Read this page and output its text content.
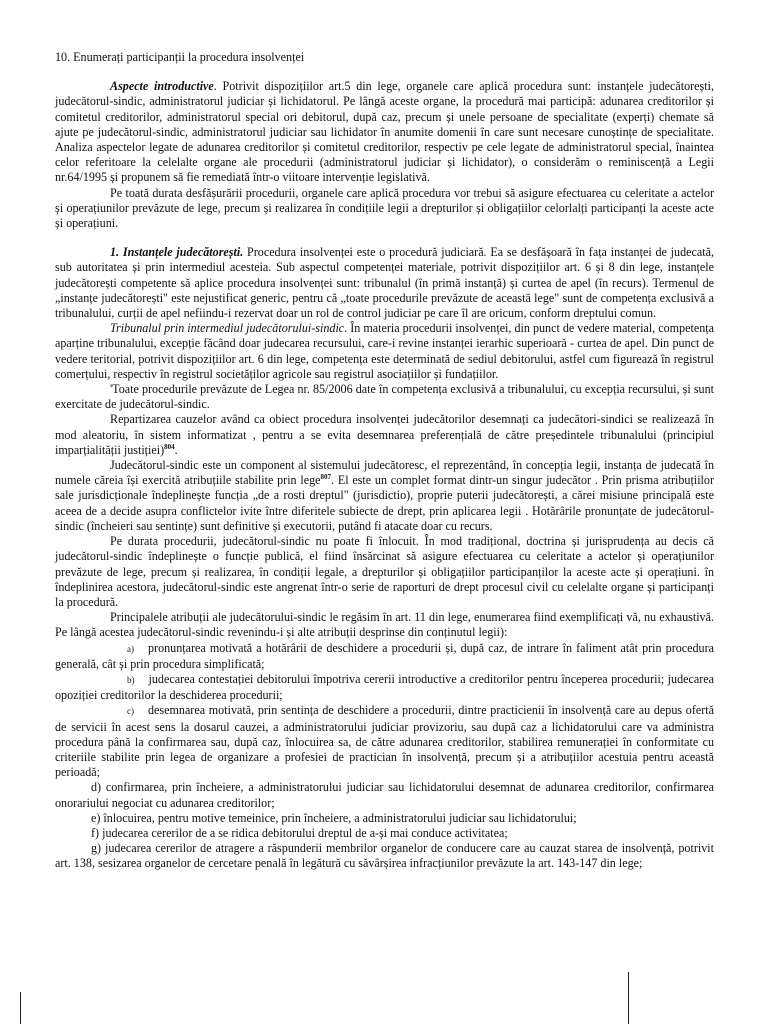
10. Enumerați participanții la procedura insolvenței

Aspecte introductive. Potrivit dispozițiilor art.5 din lege, organele care aplică procedura sunt: instanțele judecătorești, judecătorul-sindic, administratorul judiciar și lichidatorul. Pe lângă aceste organe, la procedură mai participă: adunarea creditorilor și comitetul creditorilor, administratorul special ori debitorul, după caz, precum și unele persoane de specialitate (experți) chemate să ajute pe judecătorul-sindic, administratorul judiciar sau lichidator în anumite domenii în care sunt necesare cunoștințe de specialitate. Analiza aspectelor legate de adunarea creditorilor și comitetul creditorilor, respectiv pe cele legate de administratorul special, înaintea celor referitoare la celelalte organe ale procedurii (administratorul judiciar și lichidator), o considerăm o reminiscență a Legii nr.64/1995 și propunem să fie remediată într-o viitoare intervenție legislativă.

Pe toată durata desfășurării procedurii, organele care aplică procedura vor trebui să asigure efectuarea cu celeritate a actelor și operațiunilor prevăzute de lege, precum și realizarea în condițiile legii a drepturilor și obligațiilor celorlalți participanți la aceste acte și operațiuni.

1. Instanțele judecătorești. Procedura insolvenței este o procedură judiciară. Ea se desfășoară în fața instanței de judecată, sub autoritatea și prin intermediul acesteia. Sub aspectul competenței materiale, potrivit dispozițiilor art. 6 și 8 din lege, instanțele judecătorești competente să aplice procedura insolvenței sunt: tribunalul (în primă instanță) și curtea de apel (în recurs). Termenul de „instanțe judecătorești" este nejustificat generic, pentru că „toate procedurile prevăzute de această lege" sunt de competența exclusivă a tribunalului, curții de apel nefiindu-i rezervat doar un rol de control judiciar pe care îl are oricum, conform dreptului comun.

Tribunalul prin intermediul judecătorului-sindic. În materia procedurii insolvenței, din punct de vedere material, competența aparține tribunalului, excepție făcând doar judecarea recursului, care-i revine instanței ierarhic superioară - curtea de apel. Din punct de vedere teritorial, potrivit dispozițiilor art. 6 din lege, competența este determinată de sediul debitorului, astfel cum figurează în registrul comerțului, respectiv în registrul societăților agricole sau registrul asociațiilor și fundațiilor.

'Toate procedurile prevăzute de Legea nr. 85/2006 date în competența exclusivă a tribunalului, cu excepția recursului, și sunt exercitate de judecătorul-sindic.

Repartizarea cauzelor având ca obiect procedura insolvenței judecătorilor desemnați ca judecători-sindici se realizează în mod aleatoriu, în sistem informatizat , pentru a se evita desemnarea preferențială de către președintele tribunalului (principiul imparțialității justiției)$^{804}$.

Judecătorul-sindic este un component al sistemului judecătoresc, el reprezentând, în concepția legii, instanța de judecată în numele căreia își exercită atribuțiile stabilite prin lege$^{807}$. El este un complet format dintr-un singur judecător . Prin prisma atribuțiilor sale jurisdicționale îndeplinește funcția „de a rosti dreptul" (jurisdictio), proprie puterii judecătorești, a cărei misiune principală este aceea de a decide asupra conflictelor ivite între diferitele subiecte de drept, prin aplicarea legii . Hotărârile pronunțate de judecătorul-sindic (încheieri sau sentințe) sunt definitive și executorii, putând fi atacate doar cu recurs.

Pe durata procedurii, judecătorul-sindic nu poate fi înlocuit. În mod tradițional, doctrina și jurisprudența au decis că judecătorul-sindic îndeplinește o funcție publică, el fiind însărcinat să asigure efectuarea cu celeritate a actelor și operațiunilor prevăzute de lege, precum și realizarea, în condiții legale, a drepturilor și obligațiilor participanților la aceste acte și operațiuni. în îndeplinirea acestora, judecătorul-sindic este angrenat într-o serie de raporturi de drept procesul civil cu celelalte organe și participanți la procedură.

Principalele atribuții ale judecătorului-sindic le regăsim în art. 11 din lege, enumerarea fiind exemplificați vă, nu exhaustivă. Pe lângă acestea judecătorul-sindic revenindu-i și alte atribuții desprinse din conținutul legii):

a) pronunțarea motivată a hotărârii de deschidere a procedurii și, după caz, de intrare în faliment atât prin procedura generală, cât și prin procedura simplificată;

b) judecarea contestației debitorului împotriva cererii introductive a creditorilor pentru începerea procedurii; judecarea opoziției creditorilor la deschiderea procedurii;

c) desemnarea motivată, prin sentința de deschidere a procedurii, dintre practicienii în insolvență care au depus ofertă de servicii în acest sens la dosarul cauzei, a administratorului judiciar provizoriu, sau după caz a lichidatorului care va administra procedura până la confirmarea sau, după caz, înlocuirea sa, de către adunarea creditorilor, stabilirea remunerației în conformitate cu criteriile stabilite prin legea de organizare a profesiei de practician în insolvență, precum și a atribuțiilor acestuia pentru această perioadă;

d) confirmarea, prin încheiere, a administratorului judiciar sau lichidatorului desemnat de adunarea creditorilor, confirmarea onorariului negociat cu adunarea creditorilor;

e) înlocuirea, pentru motive temeinice, prin încheiere, a administratorului judiciar sau lichidatorului;

f) judecarea cererilor de a se ridica debitorului dreptul de a-și mai conduce activitatea;

g) judecarea cererilor de atragere a răspunderii membrilor organelor de conducere care au cauzat starea de insolvență, potrivit art. 138, sesizarea organelor de cercetare penală în legătură cu săvârșirea infracțiunilor prevăzute la art. 143-147 din lege;
